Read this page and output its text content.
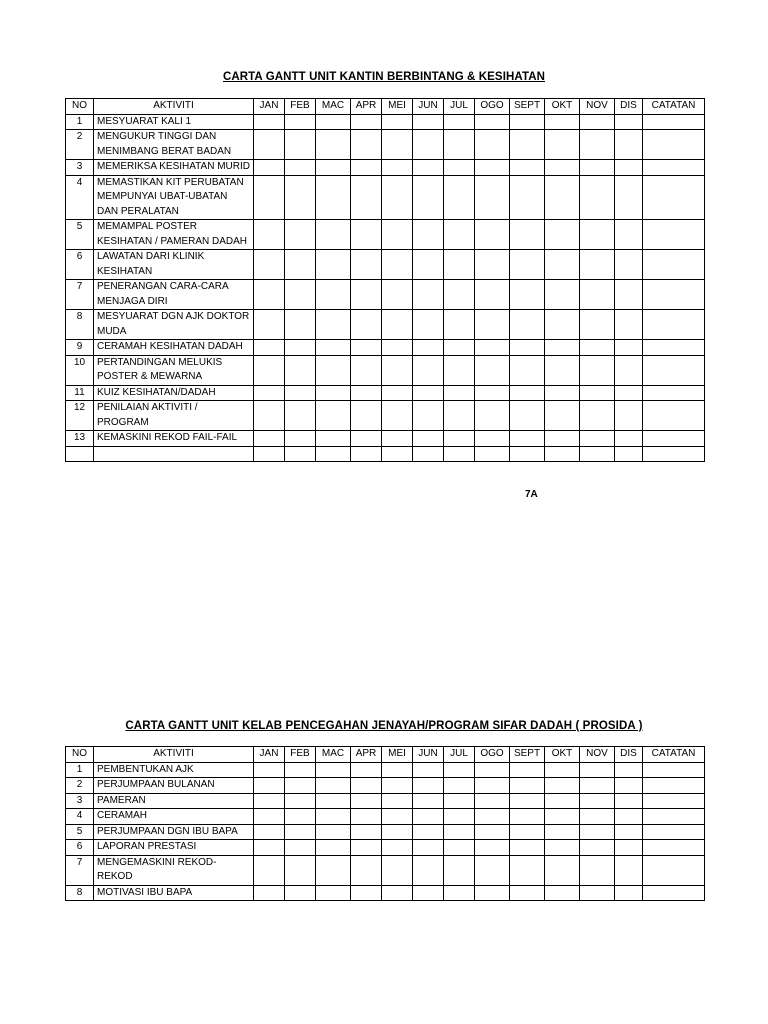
CARTA GANTT UNIT KANTIN BERBINTANG & KESIHATAN
NO	AKTIVITI	JAN	FEB	MAC	APR	MEI	JUN	JUL	OGO	SEPT	OKT	NOV	DIS	CATATAN
1	MESYUARAT KALI 1													
2	MENGUKUR TINGGI DAN MENIMBANG BERAT BADAN													
3	MEMERIKSA KESIHATAN MURID													
4	MEMASTIKAN KIT PERUBATAN MEMPUNYAI UBAT-UBATAN DAN PERALATAN													
5	MEMAMPAL POSTER KESIHATAN / PAMERAN DADAH													
6	LAWATAN DARI KLINIK KESIHATAN													
7	PENERANGAN CARA-CARA MENJAGA DIRI													
8	MESYUARAT DGN AJK DOKTOR MUDA													
9	CERAMAH KESIHATAN DADAH													
10	PERTANDINGAN MELUKIS POSTER & MEWARNA													
11	KUIZ KESIHATAN/DADAH													
12	PENILAIAN AKTIVITI / PROGRAM													
13	KEMASKINI REKOD FAIL-FAIL													

7A
CARTA GANTT UNIT KELAB PENCEGAHAN JENAYAH/PROGRAM SIFAR DADAH ( PROSIDA )
NO	AKTIVITI	JAN	FEB	MAC	APR	MEI	JUN	JUL	OGO	SEPT	OKT	NOV	DIS	CATATAN
1	PEMBENTUKAN AJK													
2	PERJUMPAAN BULANAN													
3	PAMERAN													
4	CERAMAH													
5	PERJUMPAAN DGN IBU BAPA													
6	LAPORAN PRESTASI													
7	MENGEMASKINI REKOD-REKOD													
8	MOTIVASI IBU BAPA													
